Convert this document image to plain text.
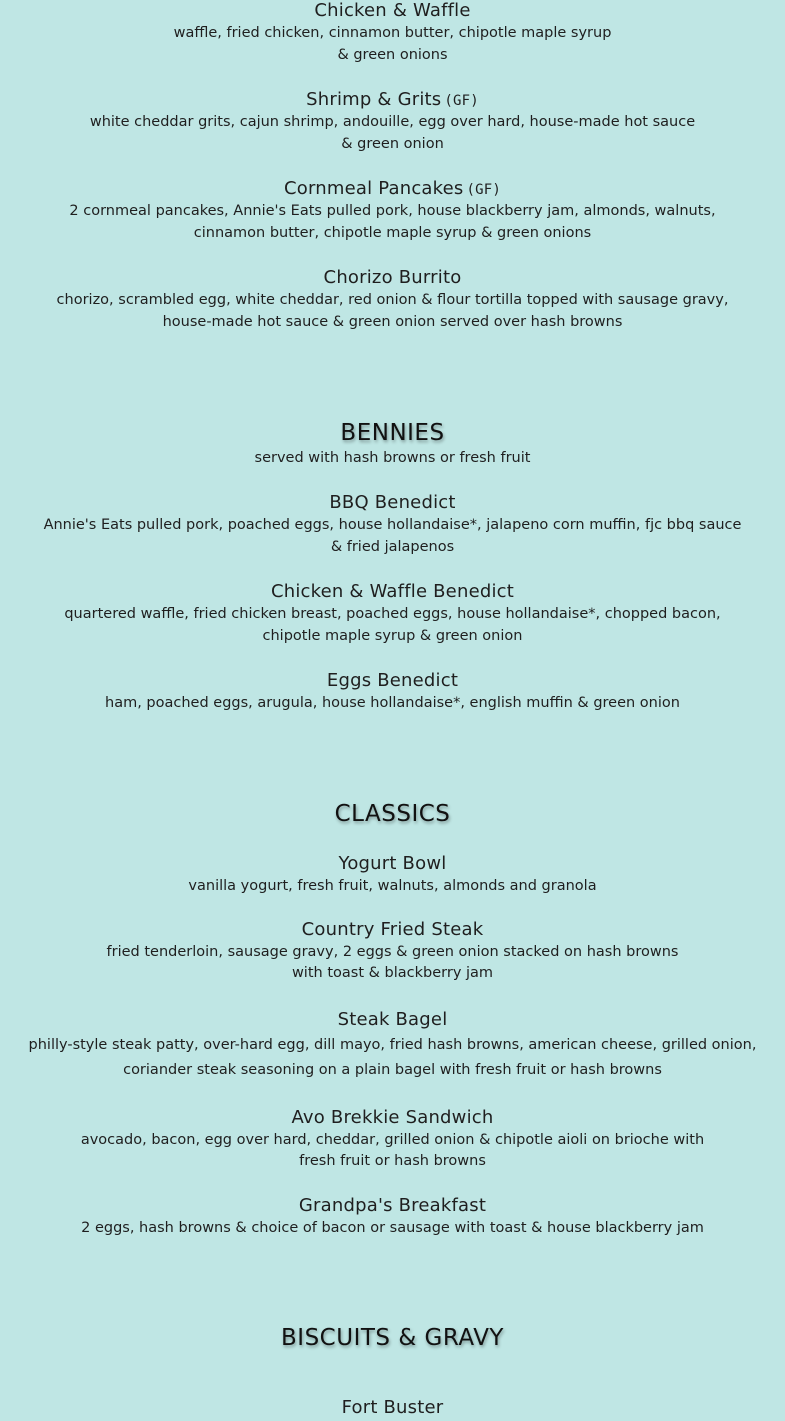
Chicken & Waffle
waffle, fried chicken, cinnamon butter, chipotle maple syrup
& green onions
Shrimp & Grits (GF)
white cheddar grits, cajun shrimp, andouille, egg over hard, house-made hot sauce
& green onion
Cornmeal Pancakes (GF)
2 cornmeal pancakes, Annie's Eats pulled pork, house blackberry jam, almonds, walnuts,
cinnamon butter, chipotle maple syrup & green onions
Chorizo Burrito
chorizo, scrambled egg, white cheddar, red onion & flour tortilla topped with sausage gravy,
house-made hot sauce & green onion served over hash browns
BENNIES
served with hash browns or fresh fruit
BBQ Benedict
Annie's Eats pulled pork, poached eggs, house hollandaise*, jalapeno corn muffin, fjc bbq sauce
& fried jalapenos
Chicken & Waffle Benedict
quartered waffle, fried chicken breast, poached eggs, house hollandaise*, chopped bacon,
chipotle maple syrup & green onion
Eggs Benedict
ham, poached eggs, arugula, house hollandaise*, english muffin & green onion
CLASSICS
Yogurt Bowl
vanilla yogurt, fresh fruit, walnuts, almonds and granola
Country Fried Steak
fried tenderloin, sausage gravy, 2 eggs & green onion stacked on hash browns
with toast & blackberry jam
Steak Bagel
philly-style steak patty, over-hard egg, dill mayo, fried hash browns, american cheese, grilled onion,
coriander steak seasoning on a plain bagel with fresh fruit or hash browns
Avo Brekkie Sandwich
avocado, bacon, egg over hard, cheddar, grilled onion & chipotle aioli on brioche with
fresh fruit or hash browns
Grandpa's Breakfast
2 eggs, hash browns & choice of bacon or sausage with toast & house blackberry jam
BISCUITS & GRAVY
Fort Buster
